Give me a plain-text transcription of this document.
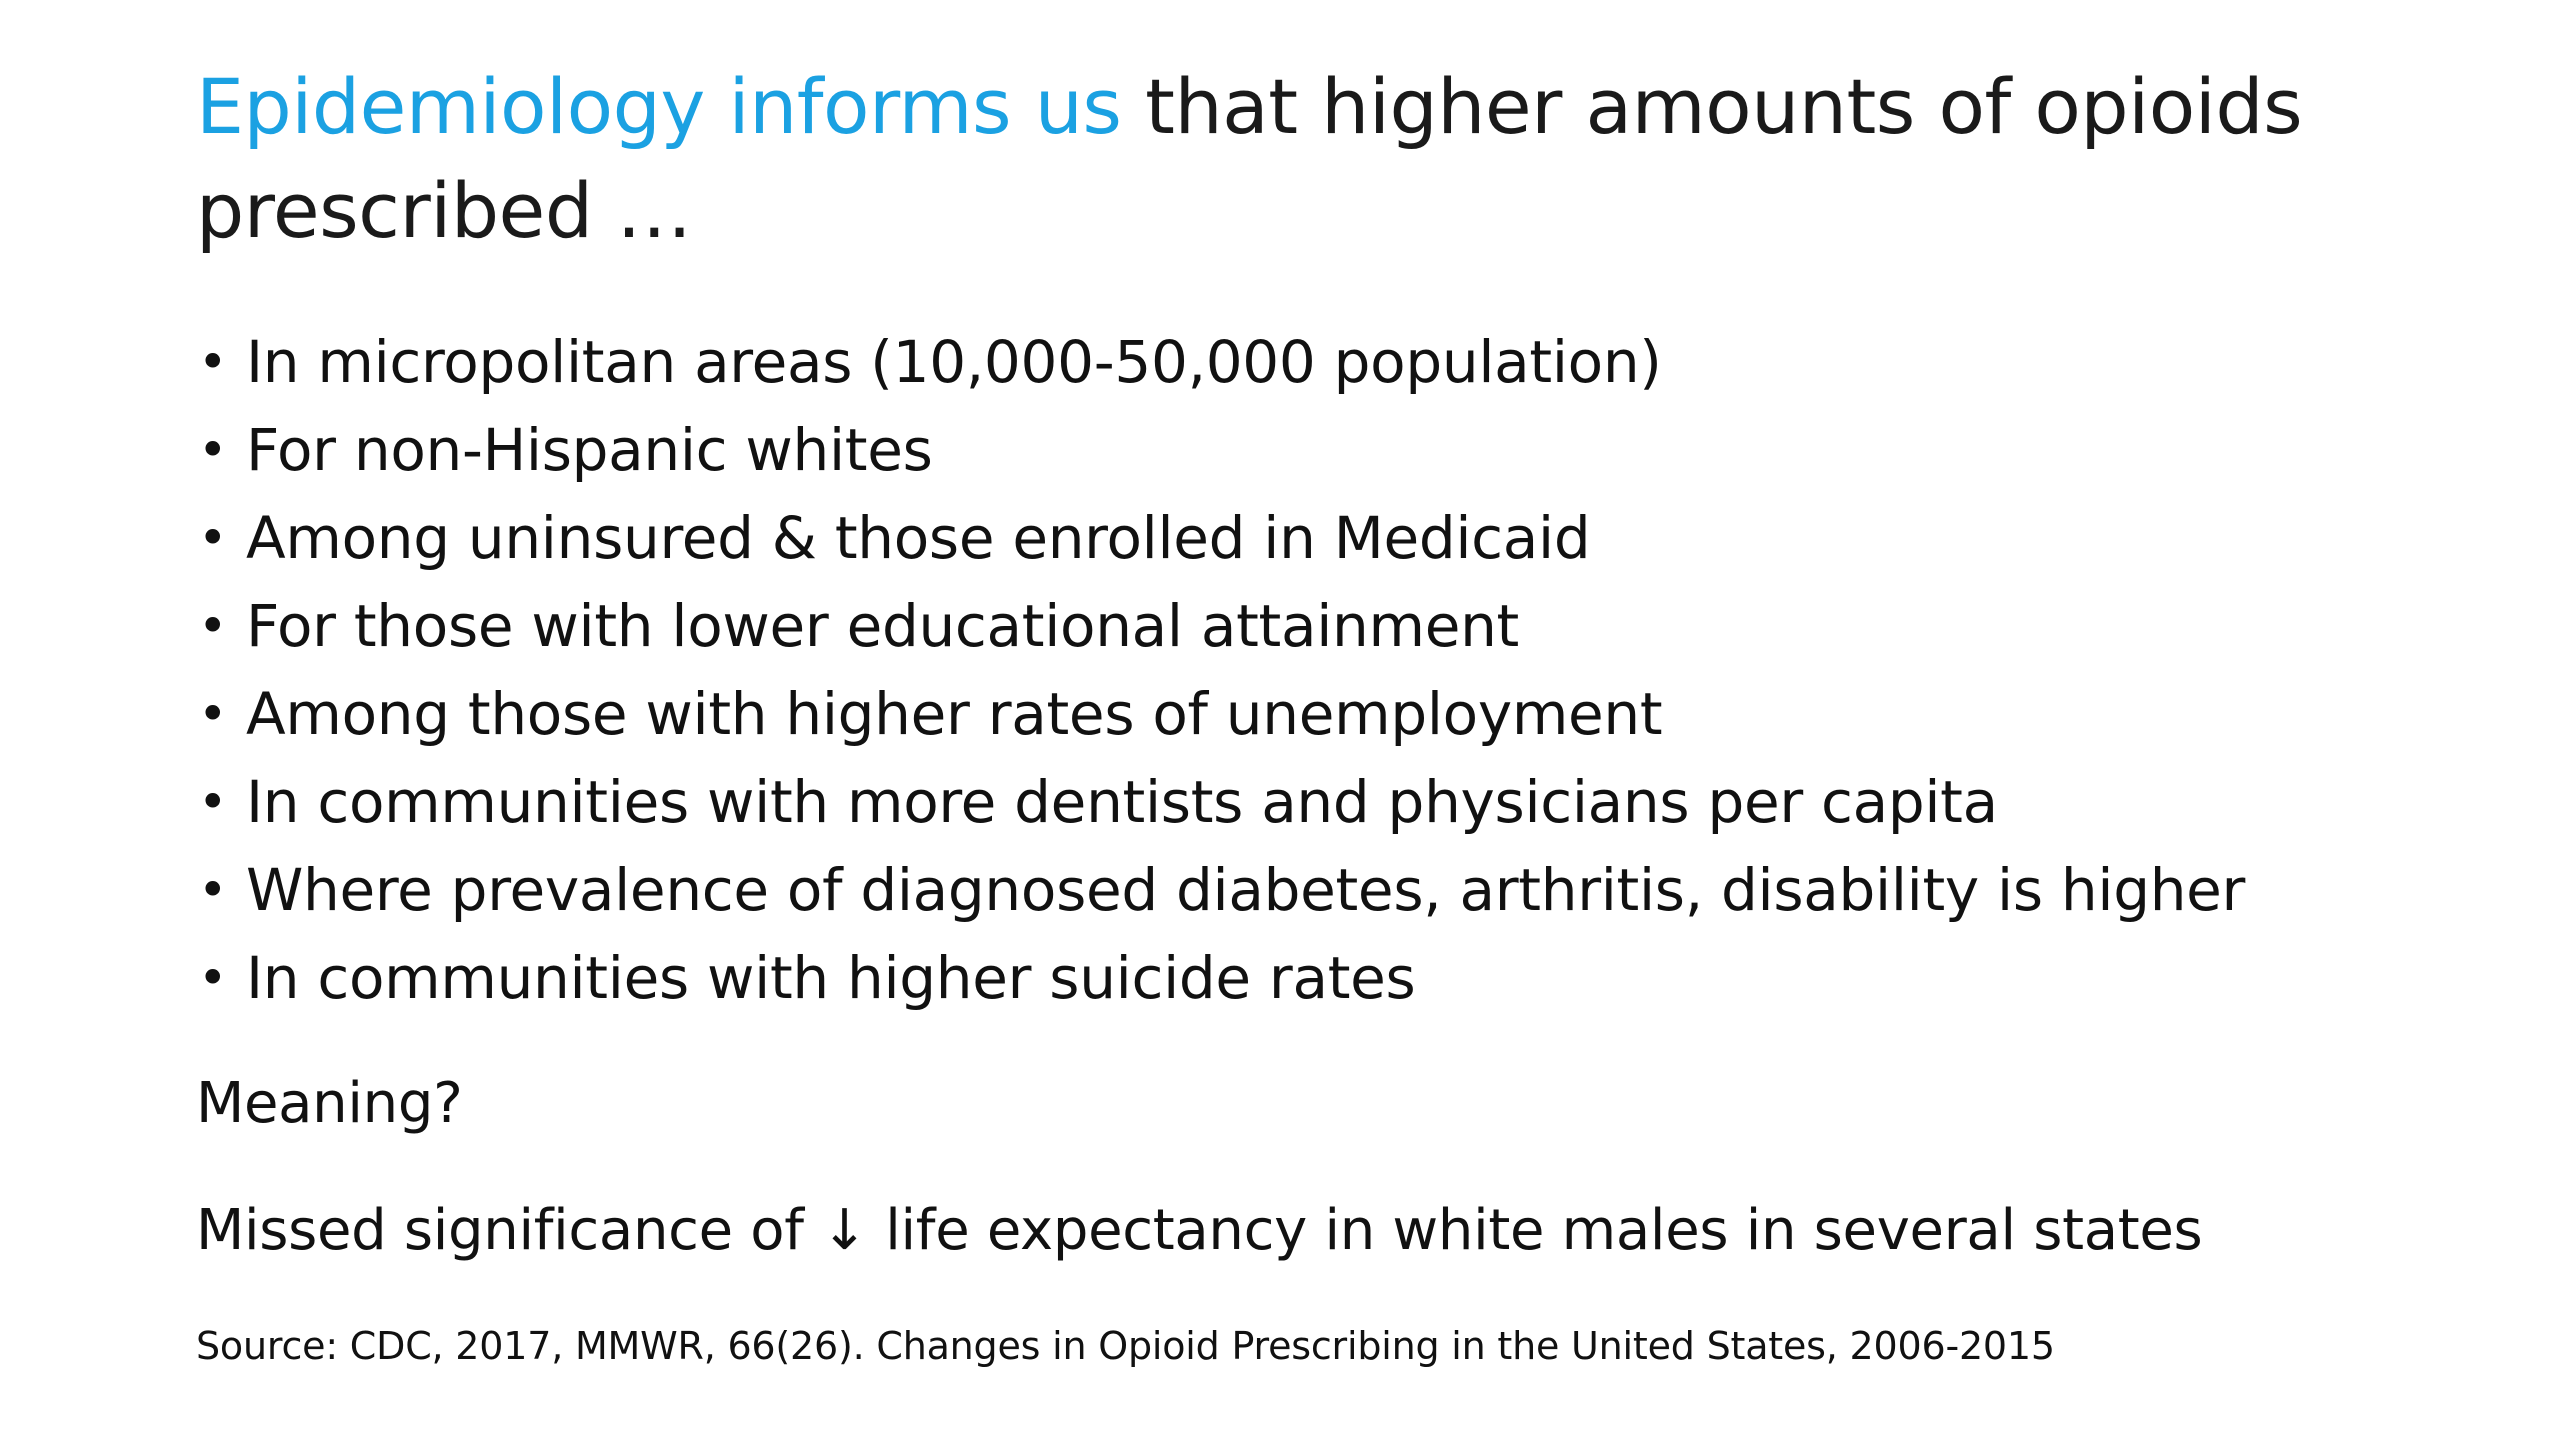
Epidemiology informs us that higher amounts of opioids prescribed …
• In micropolitan areas (10,000-50,000 population)
• For non-Hispanic whites
• Among uninsured & those enrolled in Medicaid
• For those with lower educational attainment
• Among those with higher rates of unemployment
• In communities with more dentists and physicians per capita
• Where prevalence of diagnosed diabetes, arthritis, disability is higher
• In communities with higher suicide rates

Meaning?

Missed significance of ↓ life expectancy in white males in several states

Source: CDC, 2017, MMWR, 66(26). Changes in Opioid Prescribing in the United States, 2006-2015
